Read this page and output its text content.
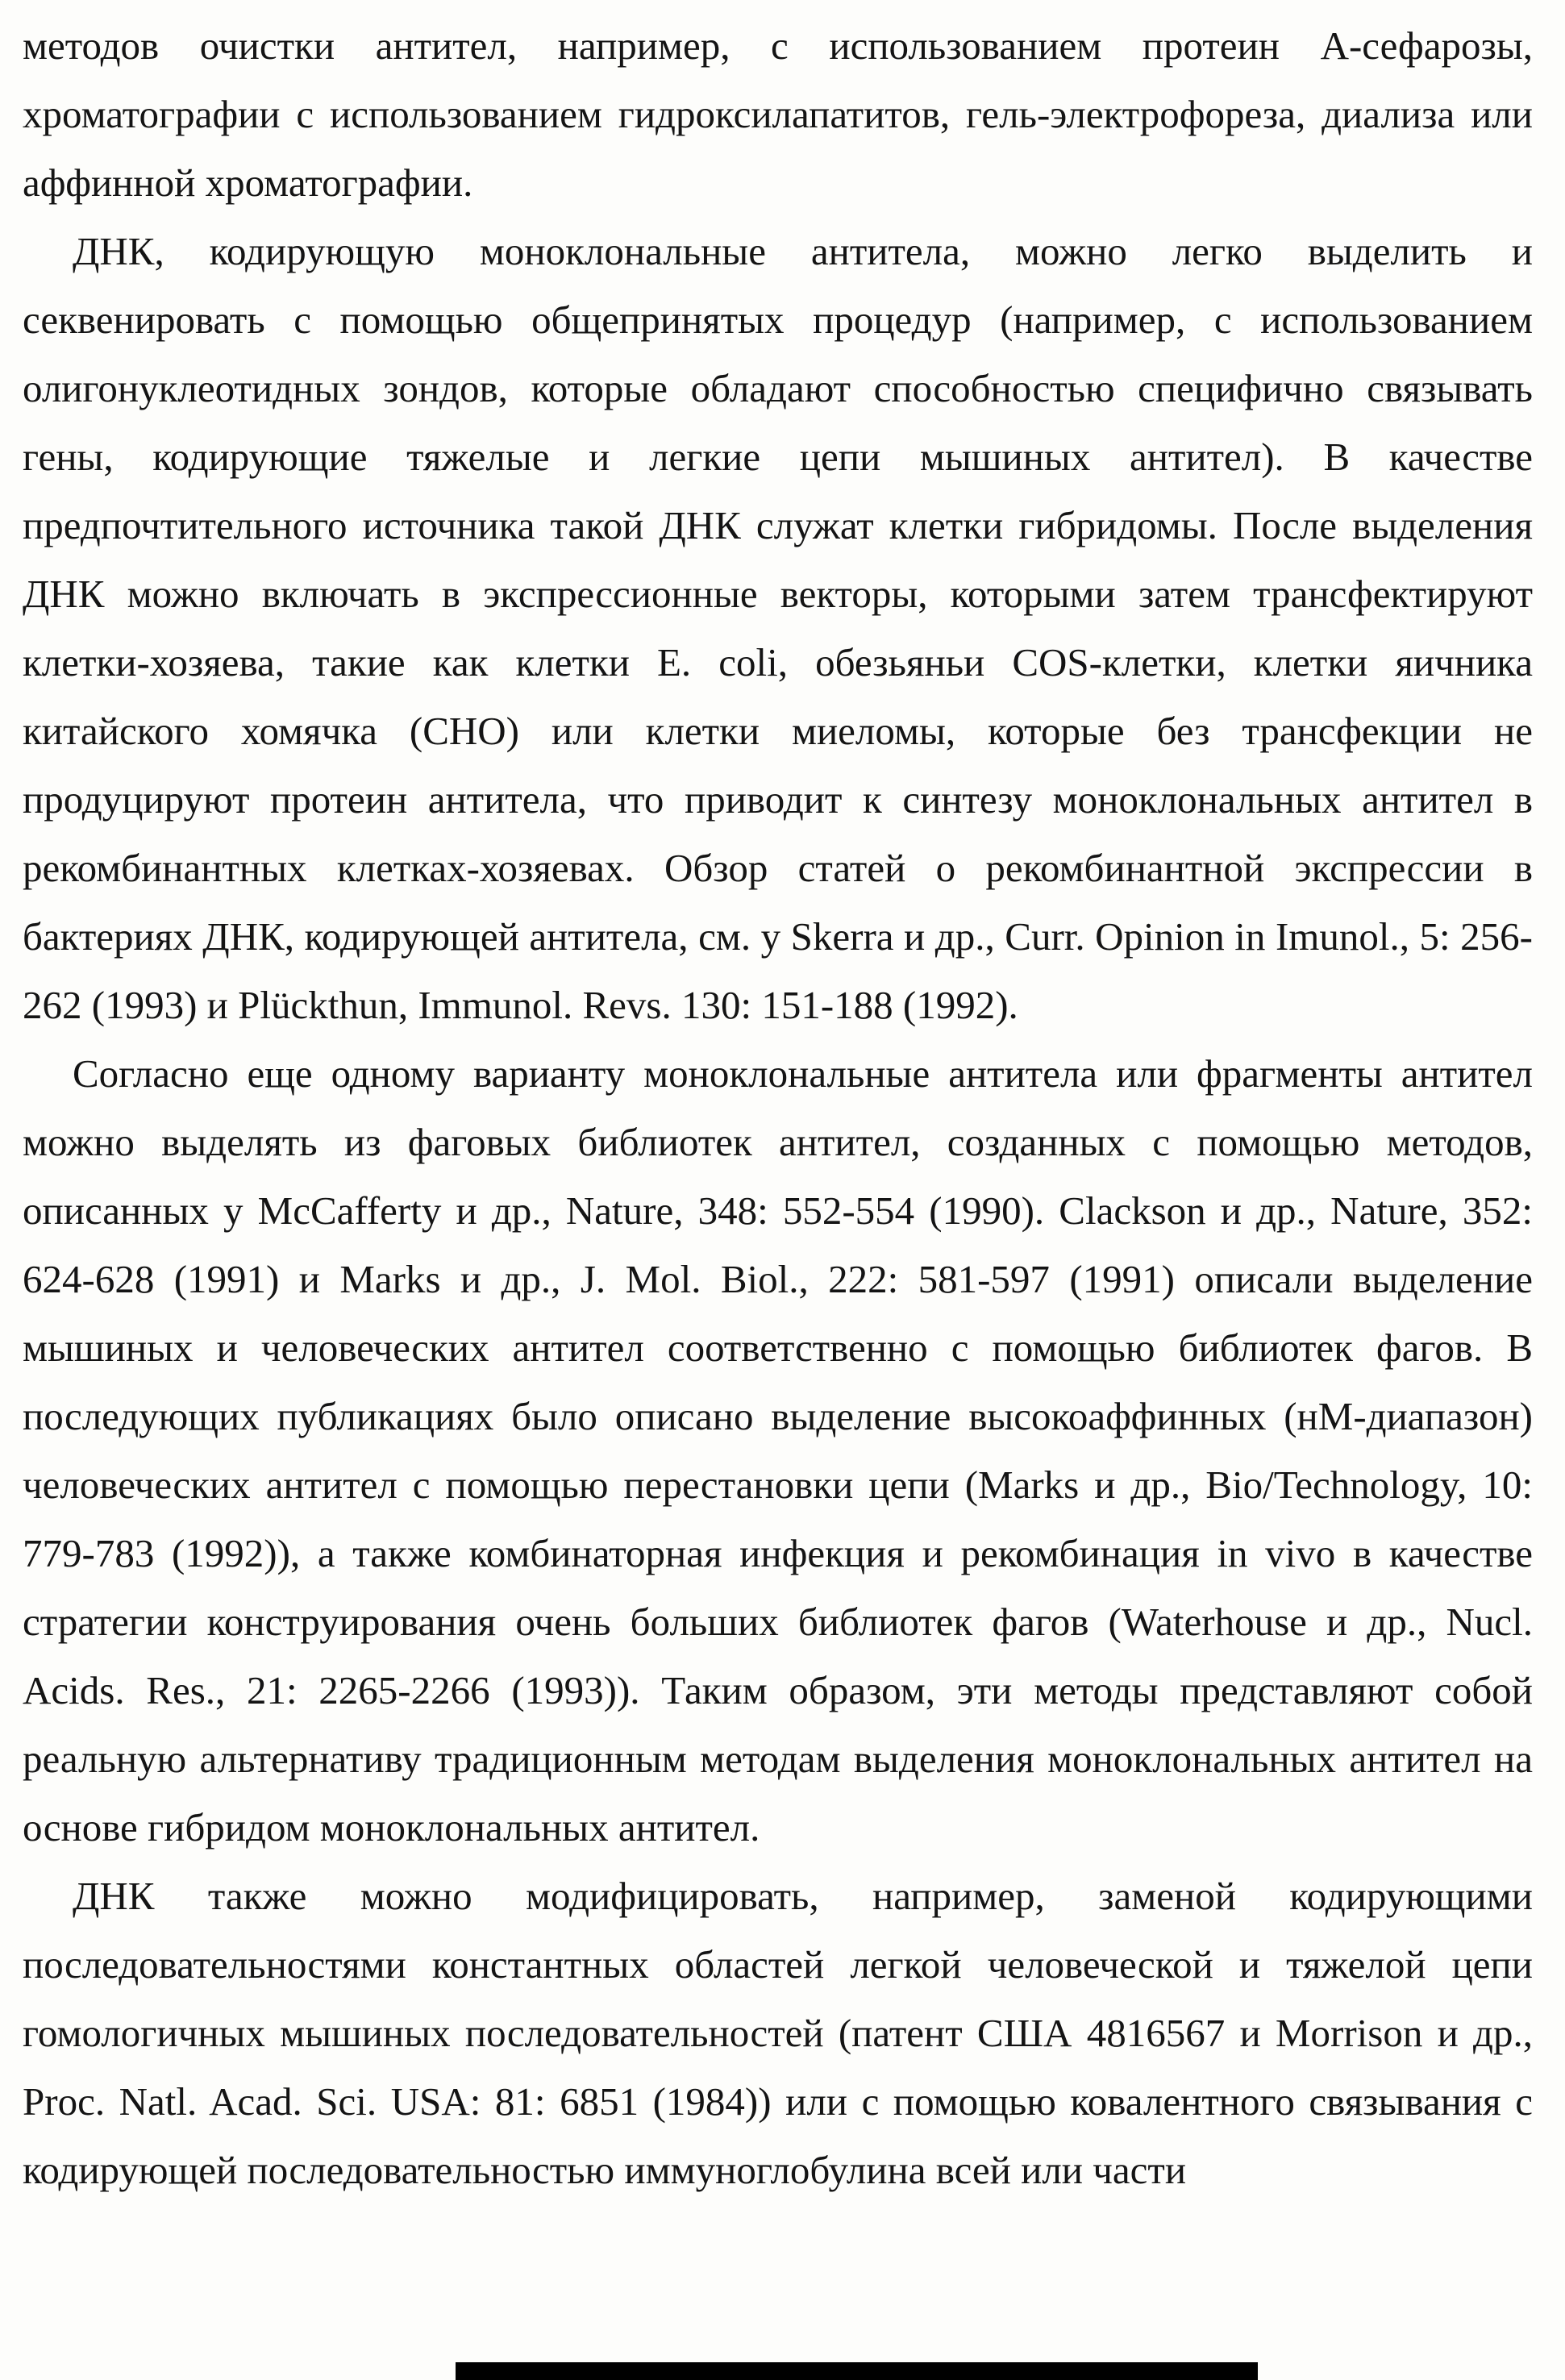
методов очистки антител, например, с использованием протеин А-сефарозы, хроматографии с использованием гидроксилапатитов, гель-электрофореза, диализа или аффинной хроматографии.

ДНК, кодирующую моноклональные антитела, можно легко выделить и секвенировать с помощью общепринятых процедур (например, с использованием олигонуклеотидных зондов, которые обладают способностью специфично связывать гены, кодирующие тяжелые и легкие цепи мышиных антител). В качестве предпочтительного источника такой ДНК служат клетки гибридомы. После выделения ДНК можно включать в экспрессионные векторы, которыми затем трансфектируют клетки-хозяева, такие как клетки E. coli, обезьяньи COS-клетки, клетки яичника китайского хомячка (СНО) или клетки миеломы, которые без трансфекции не продуцируют протеин антитела, что приводит к синтезу моноклональных антител в рекомбинантных клетках-хозяевах. Обзор статей о рекомбинантной экспрессии в бактериях ДНК, кодирующей антитела, см. у Skerra и др., Curr. Opinion in Imunol., 5: 256-262 (1993) и Plückthun, Immunol. Revs. 130: 151-188 (1992).

Согласно еще одному варианту моноклональные антитела или фрагменты антител можно выделять из фаговых библиотек антител, созданных с помощью методов, описанных у McCafferty и др., Nature, 348: 552-554 (1990). Clackson и др., Nature, 352: 624-628 (1991) и Marks и др., J. Mol. Biol., 222: 581-597 (1991) описали выделение мышиных и человеческих антител соответственно с помощью библиотек фагов. В последующих публикациях было описано выделение высокоаффинных (нМ-диапазон) человеческих антител с помощью перестановки цепи (Marks и др., Bio/Technology, 10: 779-783 (1992)), а также комбинаторная инфекция и рекомбинация in vivo в качестве стратегии конструирования очень больших библиотек фагов (Waterhouse и др., Nucl. Acids. Res., 21: 2265-2266 (1993)). Таким образом, эти методы представляют собой реальную альтернативу традиционным методам выделения моноклональных антител на основе гибридом моноклональных антител.

ДНК также можно модифицировать, например, заменой кодирующими последовательностями константных областей легкой человеческой и тяжелой цепи гомологичных мышиных последовательностей (патент США 4816567 и Morrison и др., Proc. Natl. Acad. Sci. USA: 81: 6851 (1984)) или с помощью ковалентного связывания с кодирующей последовательностью иммуноглобулина всей или части
